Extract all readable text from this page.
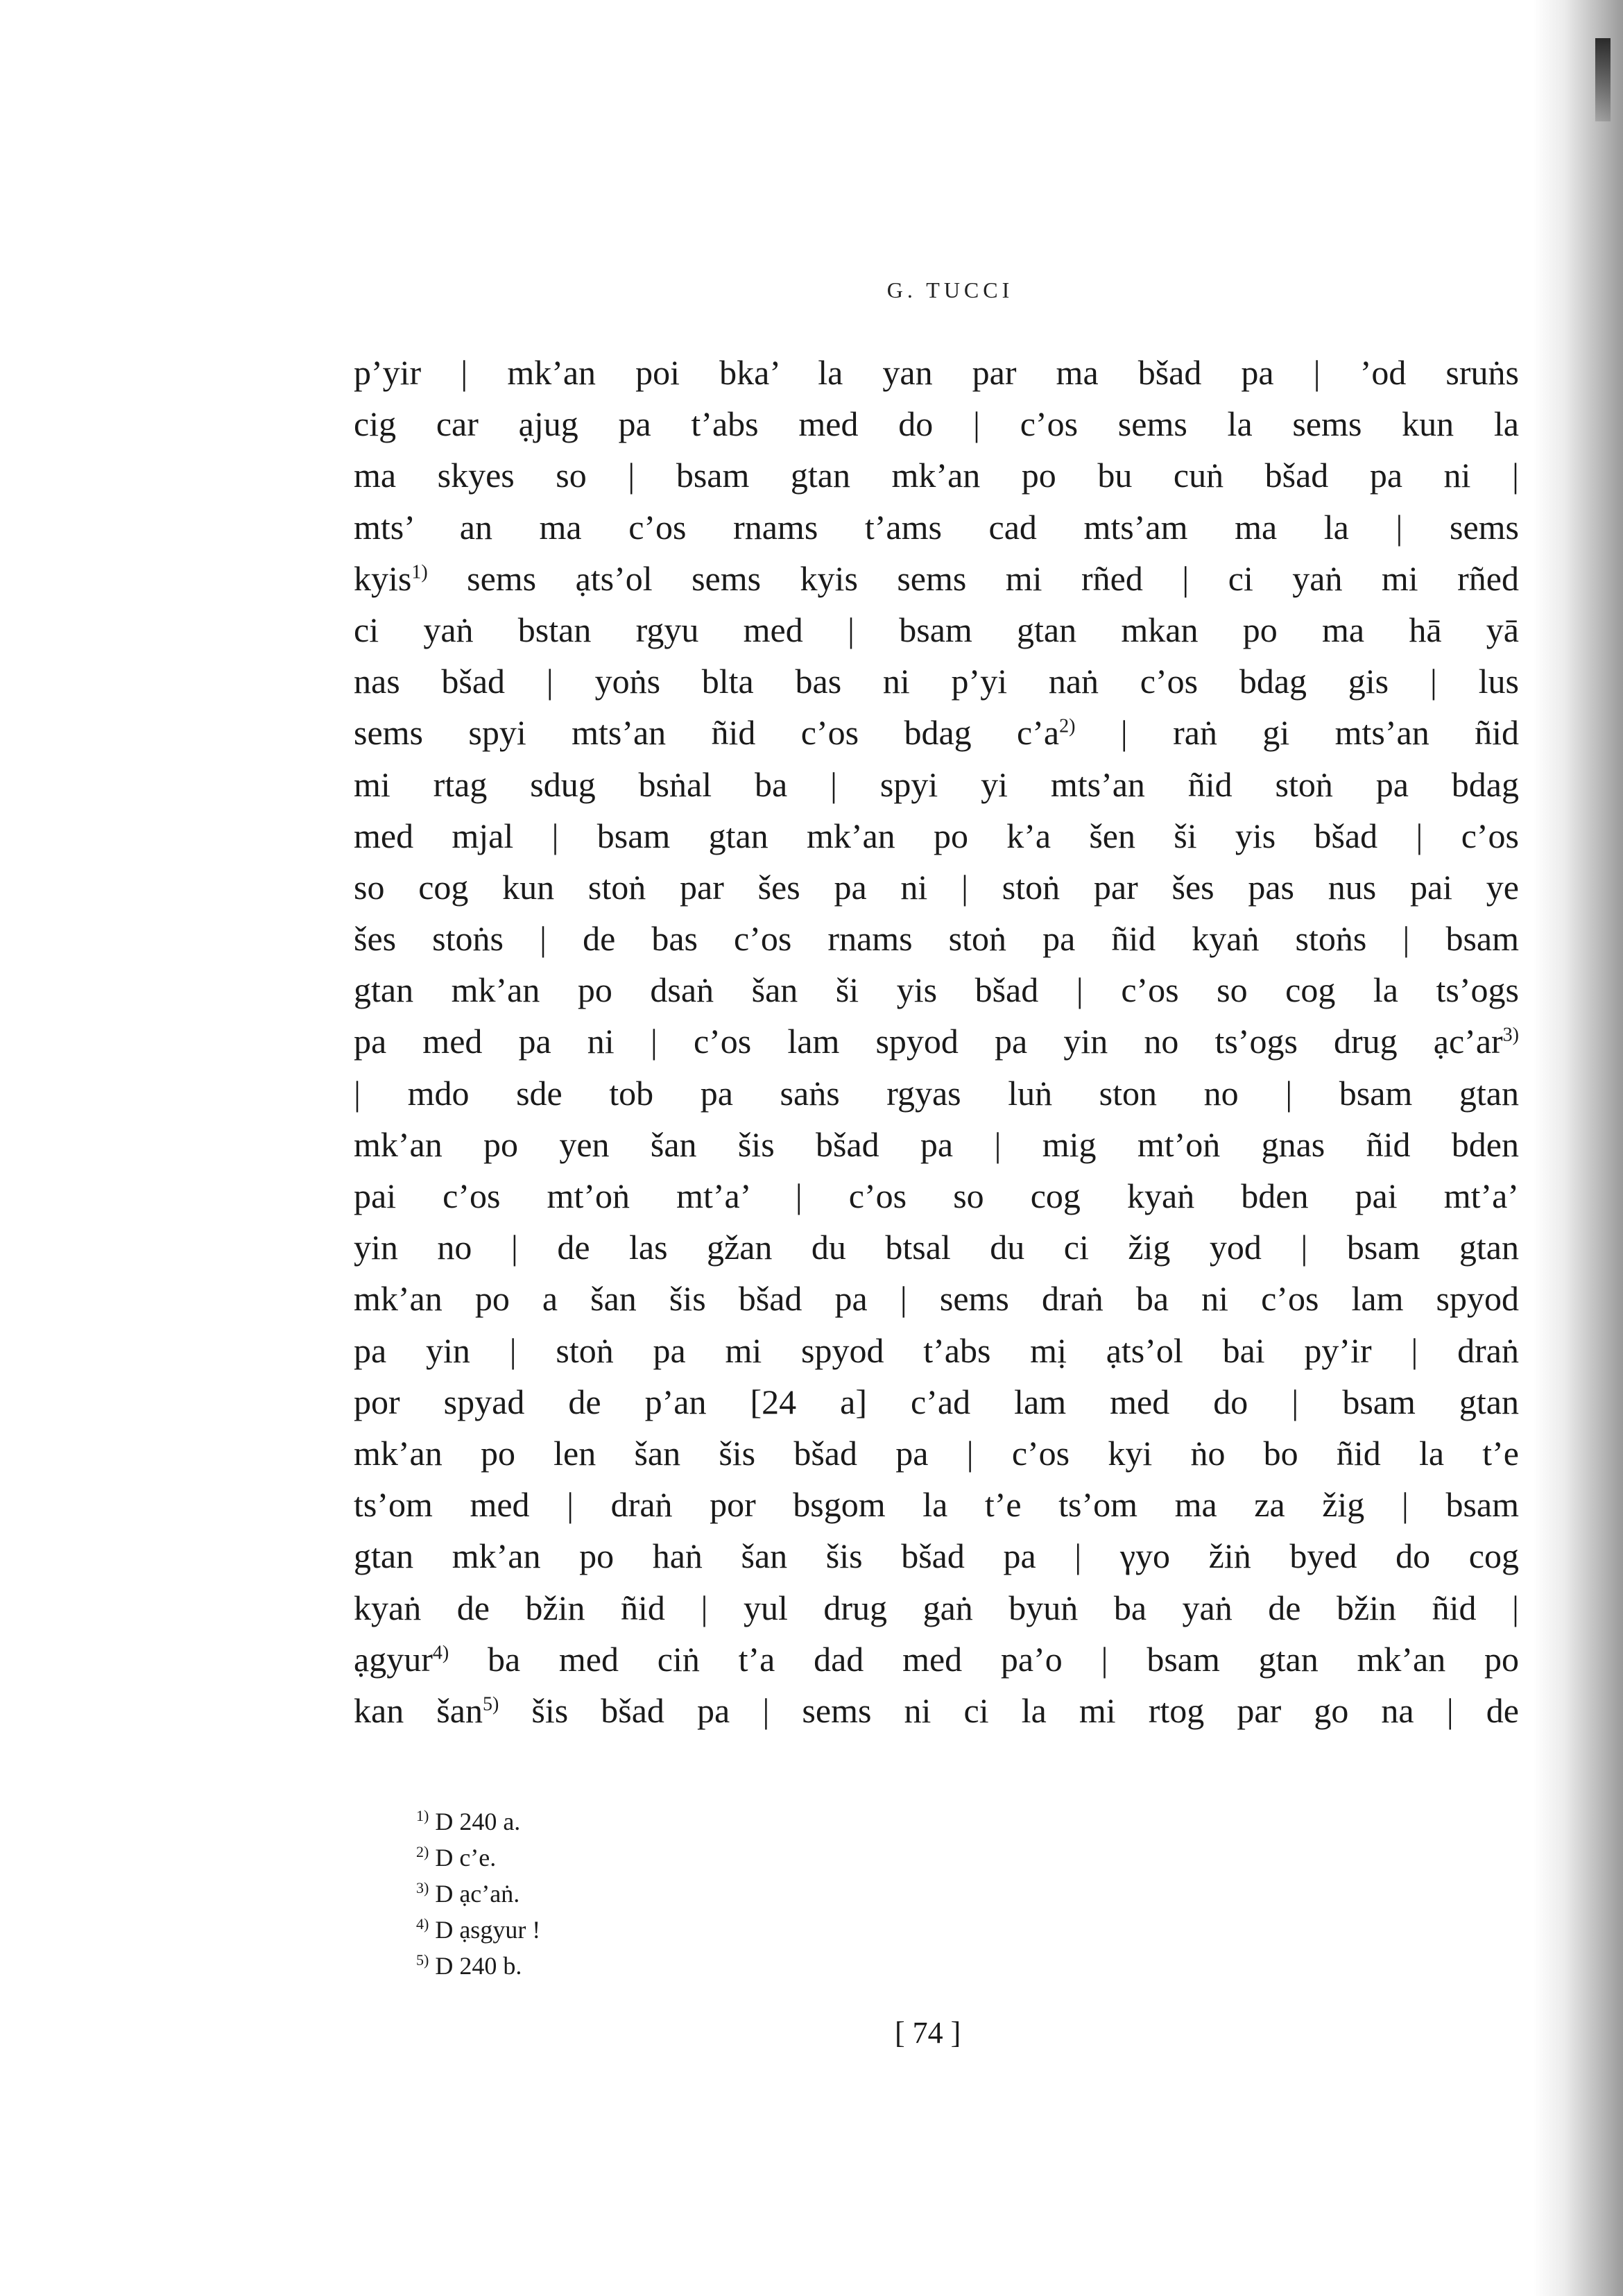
G. TUCCI
p’yir | mk’an poi bka’ la yan par ma bšad pa | ’od sruṅs
cig car ạjug pa t’abs med do | c’os sems la sems kun la
ma skyes so | bsam gtan mk’an po bu cuṅ bšad pa ni |
mts’ an ma c’os rnams t’ams cad mts’am ma la | sems
kyis$^{1)}$ sems ạts’ol sems kyis sems mi rñed | ci yaṅ mi rñed
ci yaṅ bstan rgyu med | bsam gtan mkan po ma hā yā
nas bšad | yoṅs blta bas ni p’yi naṅ c’os bdag gis | lus
sems spyi mts’an ñid c’os bdag c’a$^{2)}$ | raṅ gi mts’an ñid
mi rtag sdug bsṅal ba | spyi yi mts’an ñid stoṅ pa bdag
med mjal | bsam gtan mk’an po k’a šen ši yis bšad | c’os
so cog kun stoṅ par šes pa ni | stoṅ par šes pas nus pai ye
šes stoṅs | de bas c’os rnams stoṅ pa ñid kyaṅ stoṅs | bsam
gtan mk’an po dsaṅ šan ši yis bšad | c’os so cog la ts’ogs
pa med pa ni | c’os lam spyod pa yin no ts’ogs drug ạc’ar$^{3)}$
| mdo sde tob pa saṅs rgyas luṅ ston no | bsam gtan
mk’an po yen šan šis bšad pa | mig mt’oṅ gnas ñid bden
pai c’os mt’oṅ mt’a’ | c’os so cog kyaṅ bden pai mt’a’
yin no | de las gžan du btsal du ci žig yod | bsam gtan
mk’an po a šan šis bšad pa | sems draṅ ba ni c’os lam spyod
pa yin | stoṅ pa mi spyod t’abs mị ạts’ol bai py’ir | draṅ
por spyad de p’an [24 a] c’ad lam med do | bsam gtan
mk’an po len šan šis bšad pa | c’os kyi ṅo bo ñid la t’e
ts’om med | draṅ por bsgom la t’e ts’om ma za žig | bsam
gtan mk’an po haṅ šan šis bšad pa | γyo žiṅ byed do cog
kyaṅ de bžin ñid | yul drug gaṅ byuṅ ba yaṅ de bžin ñid |
ạgyur$^{4)}$ ba med ciṅ t’a dad med pa’o | bsam gtan mk’an po
kan šan$^{5)}$ šis bšad pa | sems ni ci la mi rtog par go na | de
$^{1)}$ D 240 a.
$^{2)}$ D c’e.
$^{3)}$ D ạc’aṅ.
$^{4)}$ D ạsgyur !
$^{5)}$ D 240 b.
[ 74 ]
